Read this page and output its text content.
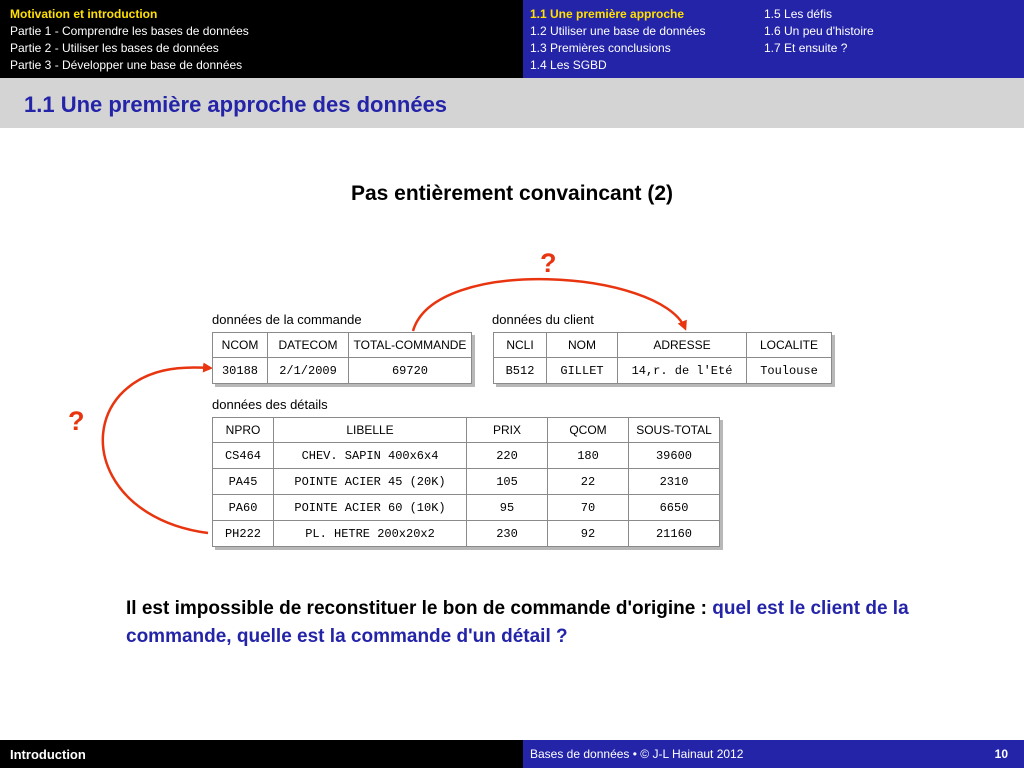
Motivation et introduction
Partie 1 - Comprendre les bases de données
Partie 2 - Utiliser les bases de données
Partie 3 - Développer une base de données
1.1 Une première approche
1.2 Utiliser une base de données
1.3 Premières conclusions
1.4 Les SGBD
1.5 Les défis
1.6 Un peu d'histoire
1.7 Et ensuite ?
1.1 Une première approche des données
Pas entièrement convaincant (2)
?
?
données de la commande
NCOM	DATECOM	TOTAL-COMMANDE
30188	2/1/2009	69720
données du client
NCLI	NOM	ADRESSE	LOCALITE
B512	GILLET	14,r. de l'Eté	Toulouse
données des détails
NPRO	LIBELLE	PRIX	QCOM	SOUS-TOTAL
CS464	CHEV. SAPIN 400x6x4	220	180	39600
PA45	POINTE ACIER 45 (20K)	105	22	2310
PA60	POINTE ACIER 60 (10K)	95	70	6650
PH222	PL. HETRE 200x20x2	230	92	21160
Il est impossible de reconstituer le bon de commande d'origine : quel est le client de la commande, quelle est la commande d'un détail ?
Introduction	Bases de données • © J-L Hainaut 2012	10
